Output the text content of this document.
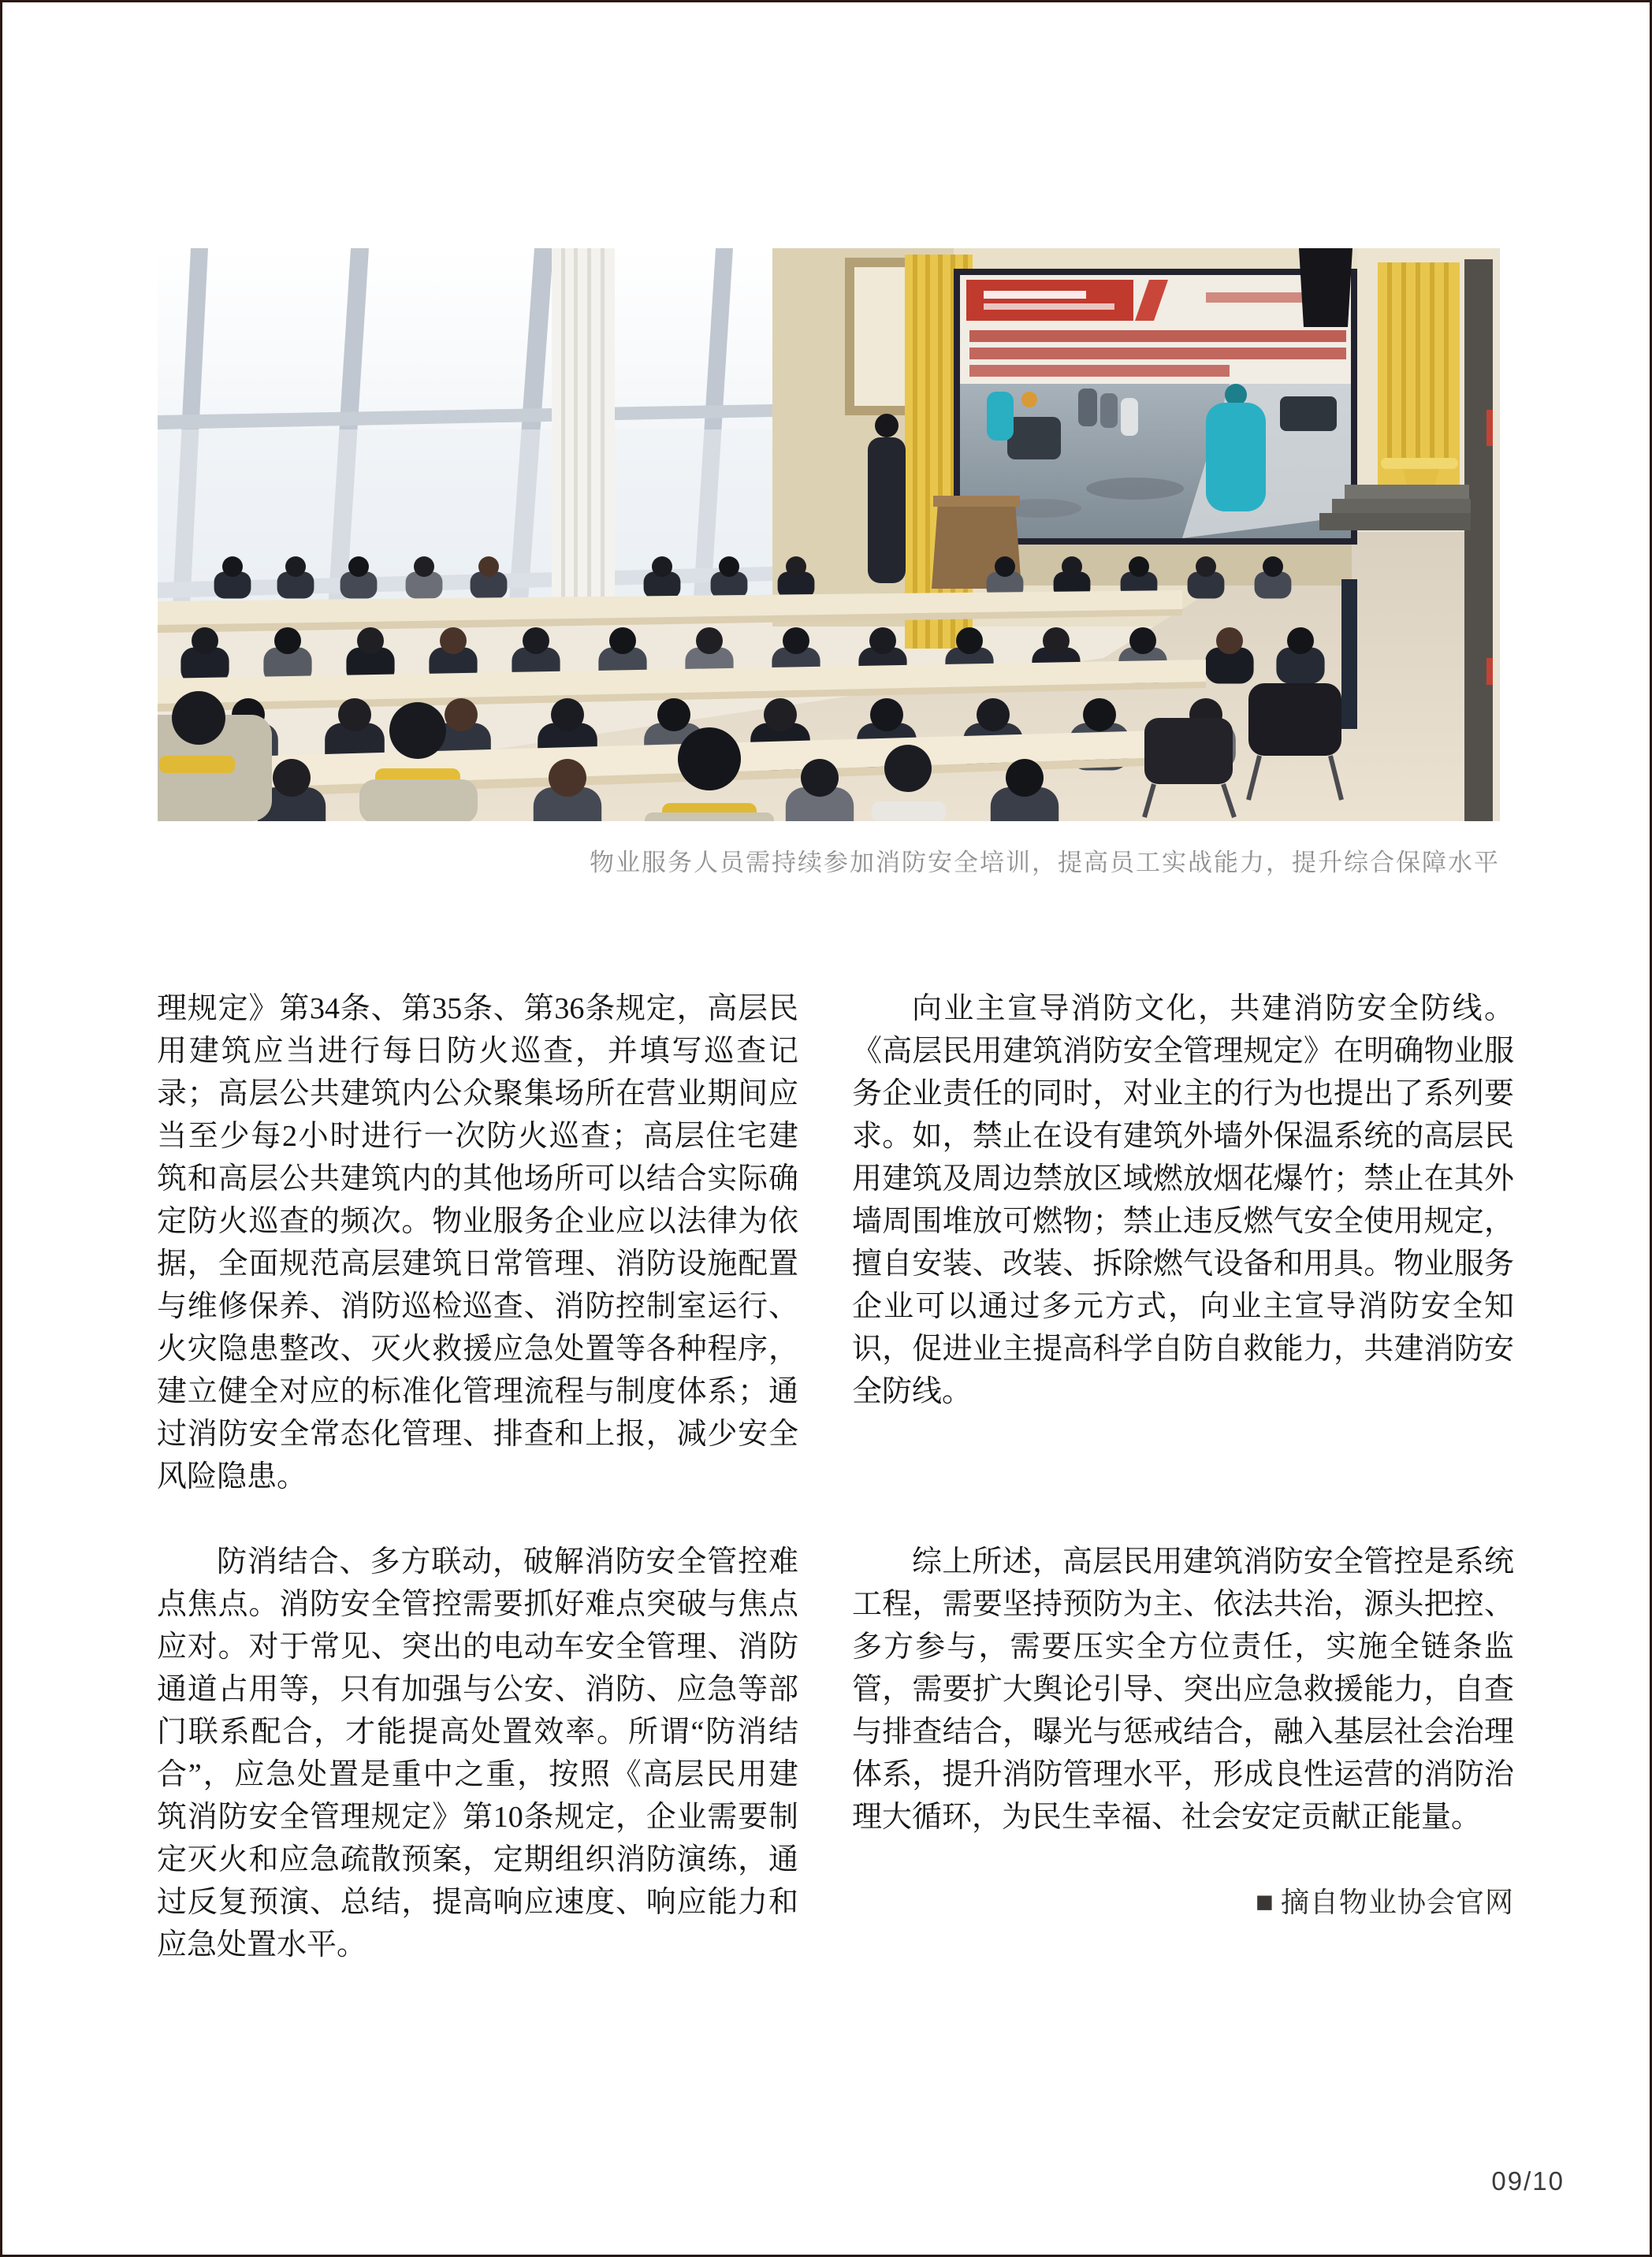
物业服务人员需持续参加消防安全培训，提高员工实战能力，提升综合保障水平

理规定》第34条、第35条、第36条规定，高层民用建筑应当进行每日防火巡查，并填写巡查记录；高层公共建筑内公众聚集场所在营业期间应当至少每2小时进行一次防火巡查；高层住宅建筑和高层公共建筑内的其他场所可以结合实际确定防火巡查的频次。物业服务企业应以法律为依据，全面规范高层建筑日常管理、消防设施配置与维修保养、消防巡检巡查、消防控制室运行、火灾隐患整改、灭火救援应急处置等各种程序，建立健全对应的标准化管理流程与制度体系；通过消防安全常态化管理、排查和上报，减少安全风险隐患。

防消结合、多方联动，破解消防安全管控难点焦点。消防安全管控需要抓好难点突破与焦点应对。对于常见、突出的电动车安全管理、消防通道占用等，只有加强与公安、消防、应急等部门联系配合，才能提高处置效率。所谓“防消结合”，应急处置是重中之重，按照《高层民用建筑消防安全管理规定》第10条规定，企业需要制定灭火和应急疏散预案，定期组织消防演练，通过反复预演、总结，提高响应速度、响应能力和应急处置水平。

向业主宣导消防文化，共建消防安全防线。《高层民用建筑消防安全管理规定》在明确物业服务企业责任的同时，对业主的行为也提出了系列要求。如，禁止在设有建筑外墙外保温系统的高层民用建筑及周边禁放区域燃放烟花爆竹；禁止在其外墙周围堆放可燃物；禁止违反燃气安全使用规定，擅自安装、改装、拆除燃气设备和用具。物业服务企业可以通过多元方式，向业主宣导消防安全知识，促进业主提高科学自防自救能力，共建消防安全防线。

综上所述，高层民用建筑消防安全管控是系统工程，需要坚持预防为主、依法共治，源头把控、多方参与，需要压实全方位责任，实施全链条监管，需要扩大舆论引导、突出应急救援能力，自查与排查结合，曝光与惩戒结合，融入基层社会治理体系，提升消防管理水平，形成良性运营的消防治理大循环，为民生幸福、社会安定贡献正能量。

■ 摘自物业协会官网
09/10
